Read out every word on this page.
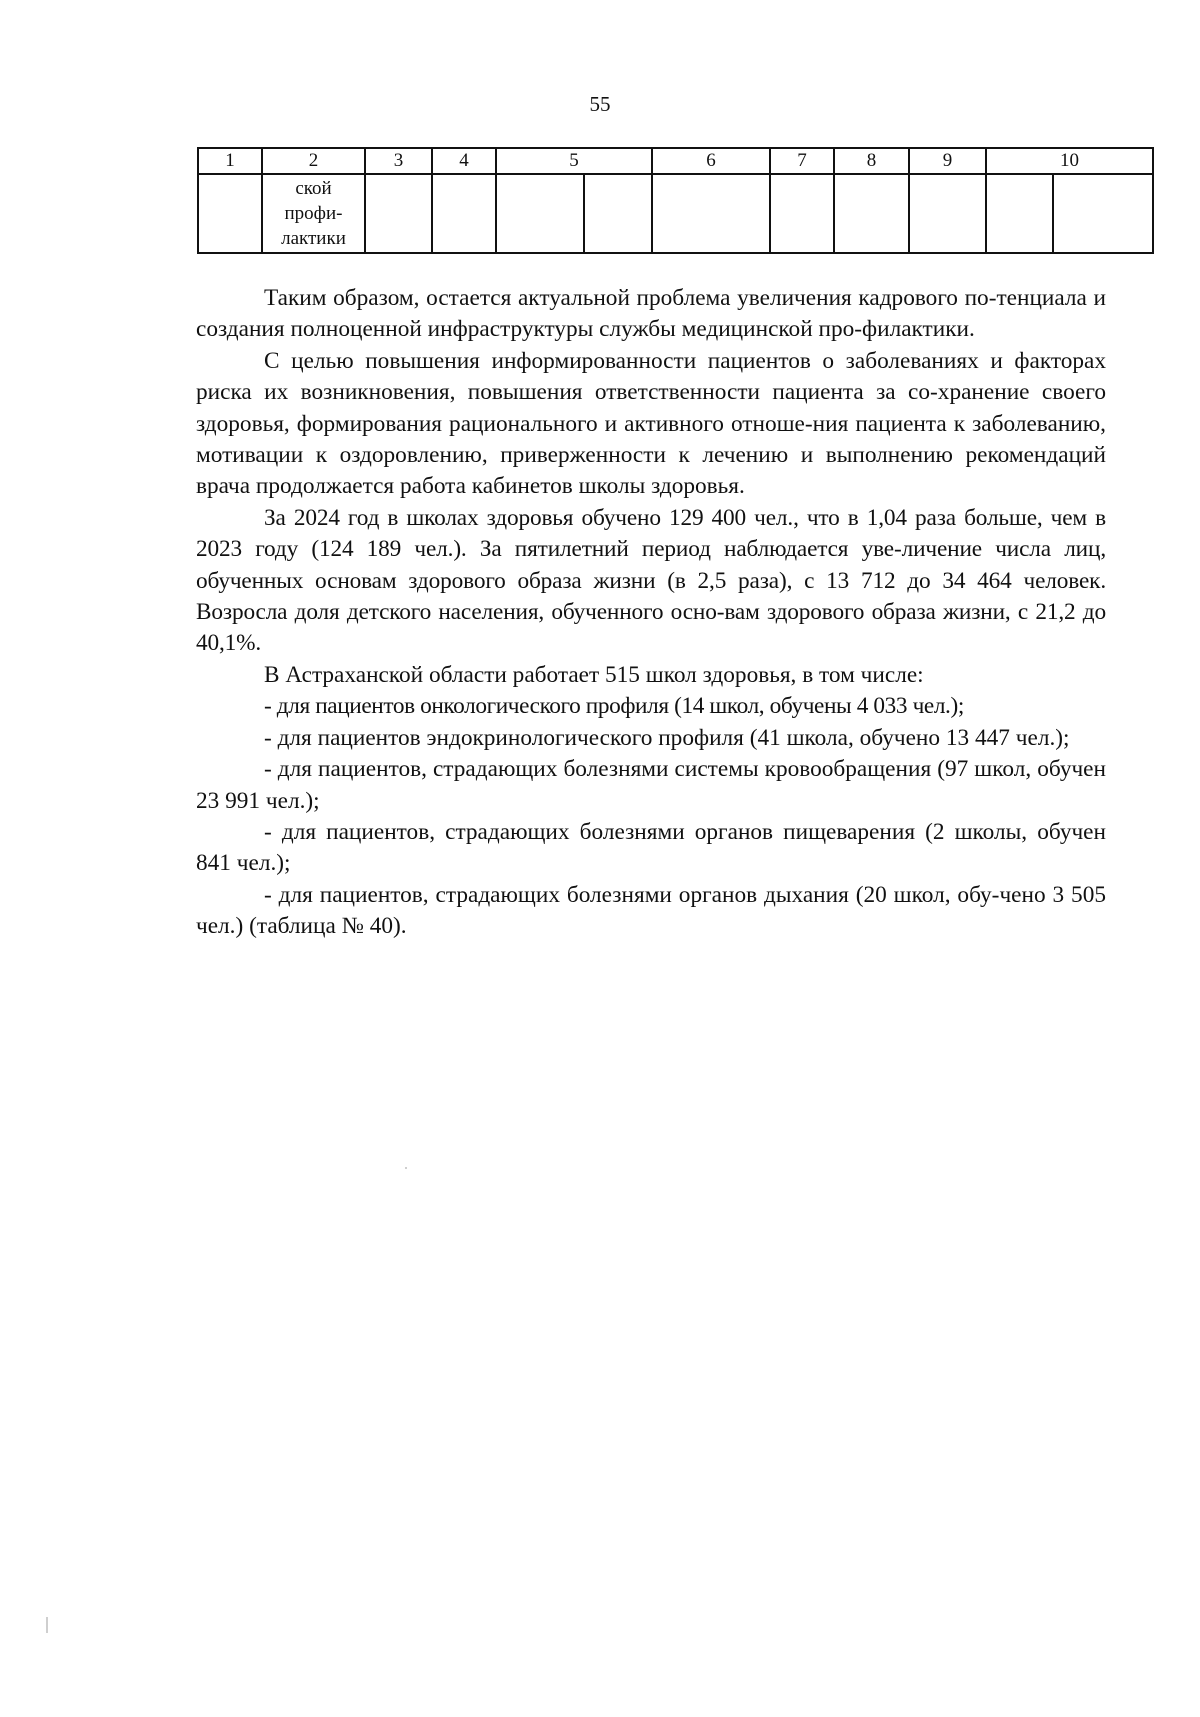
55
1	2	3	4	5		6	7	8	9	10	
	ской
профи-
лактики										

Таким образом, остается актуальной проблема увеличения кадрового по-тенциала и создания полноценной инфраструктуры службы медицинской про-филактики.

С целью повышения информированности пациентов о заболеваниях и факторах риска их возникновения, повышения ответственности пациента за со-хранение своего здоровья, формирования рационального и активного отноше-ния пациента к заболеванию, мотивации к оздоровлению, приверженности к лечению и выполнению рекомендаций врача продолжается работа кабинетов школы здоровья.

За 2024 год в школах здоровья обучено 129 400 чел., что в 1,04 раза больше, чем в 2023 году (124 189 чел.). За пятилетний период наблюдается уве-личение числа лиц, обученных основам здорового образа жизни (в 2,5 раза), с 13 712 до 34 464 человек. Возросла доля детского населения, обученного осно-вам здорового образа жизни, с 21,2 до 40,1%.

В Астраханской области работает 515 школ здоровья, в том числе:

- для пациентов онкологического профиля (14 школ, обучены 4 033 чел.);

- для пациентов эндокринологического профиля (41 школа, обучено 13 447 чел.);

- для пациентов, страдающих болезнями системы кровообращения (97 школ, обучен 23 991 чел.);

- для пациентов, страдающих болезнями органов пищеварения (2 школы, обучен 841 чел.);

- для пациентов, страдающих болезнями органов дыхания (20 школ, обу-чено 3 505 чел.) (таблица № 40).
